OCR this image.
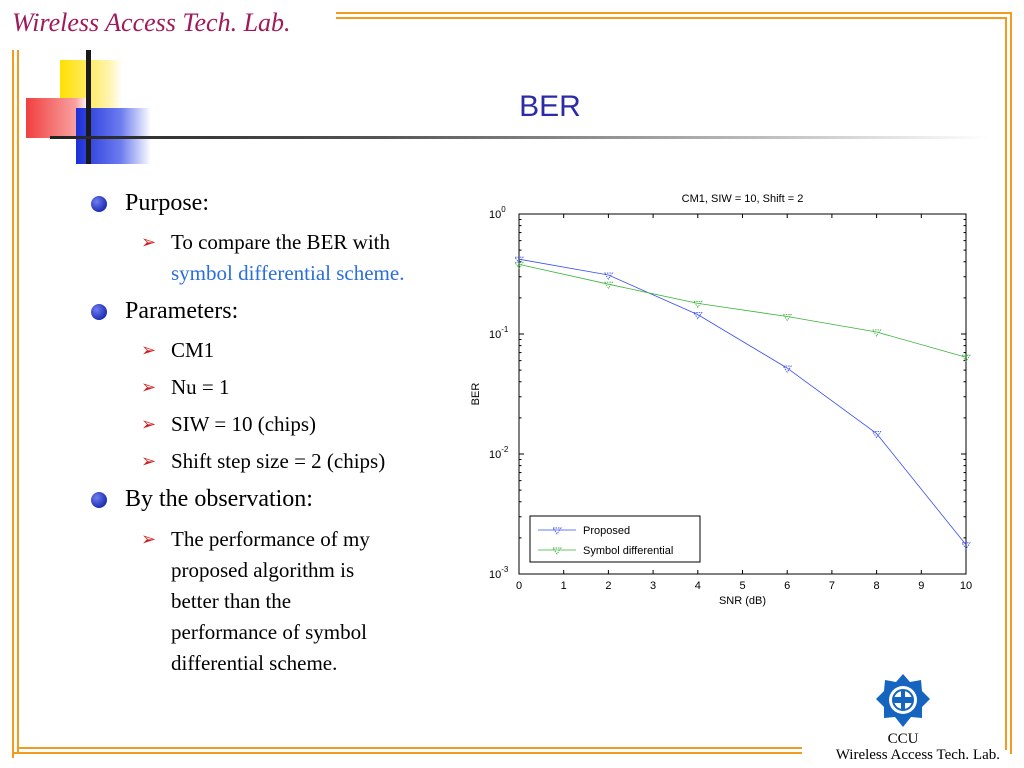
Wireless Access Tech. Lab.
BER
Purpose:
➢ To compare the BER with
symbol differential scheme.
Parameters:
➢ CM1
➢ Nu = 1
➢ SIW = 10 (chips)
➢ Shift step size = 2 (chips)
By the observation:
➢ The performance of my
proposed algorithm is
better than the
performance of symbol
differential scheme.
CM1, SIW = 10, Shift = 2
0	1	2	3	4	5	6	7	8	9	10
$10^{-3}$
$10^{-2}$
$10^{-1}$
$10^0$
SNR (dB)
BER
Proposed
Symbol differential
CCU
Wireless Access Tech. Lab.
